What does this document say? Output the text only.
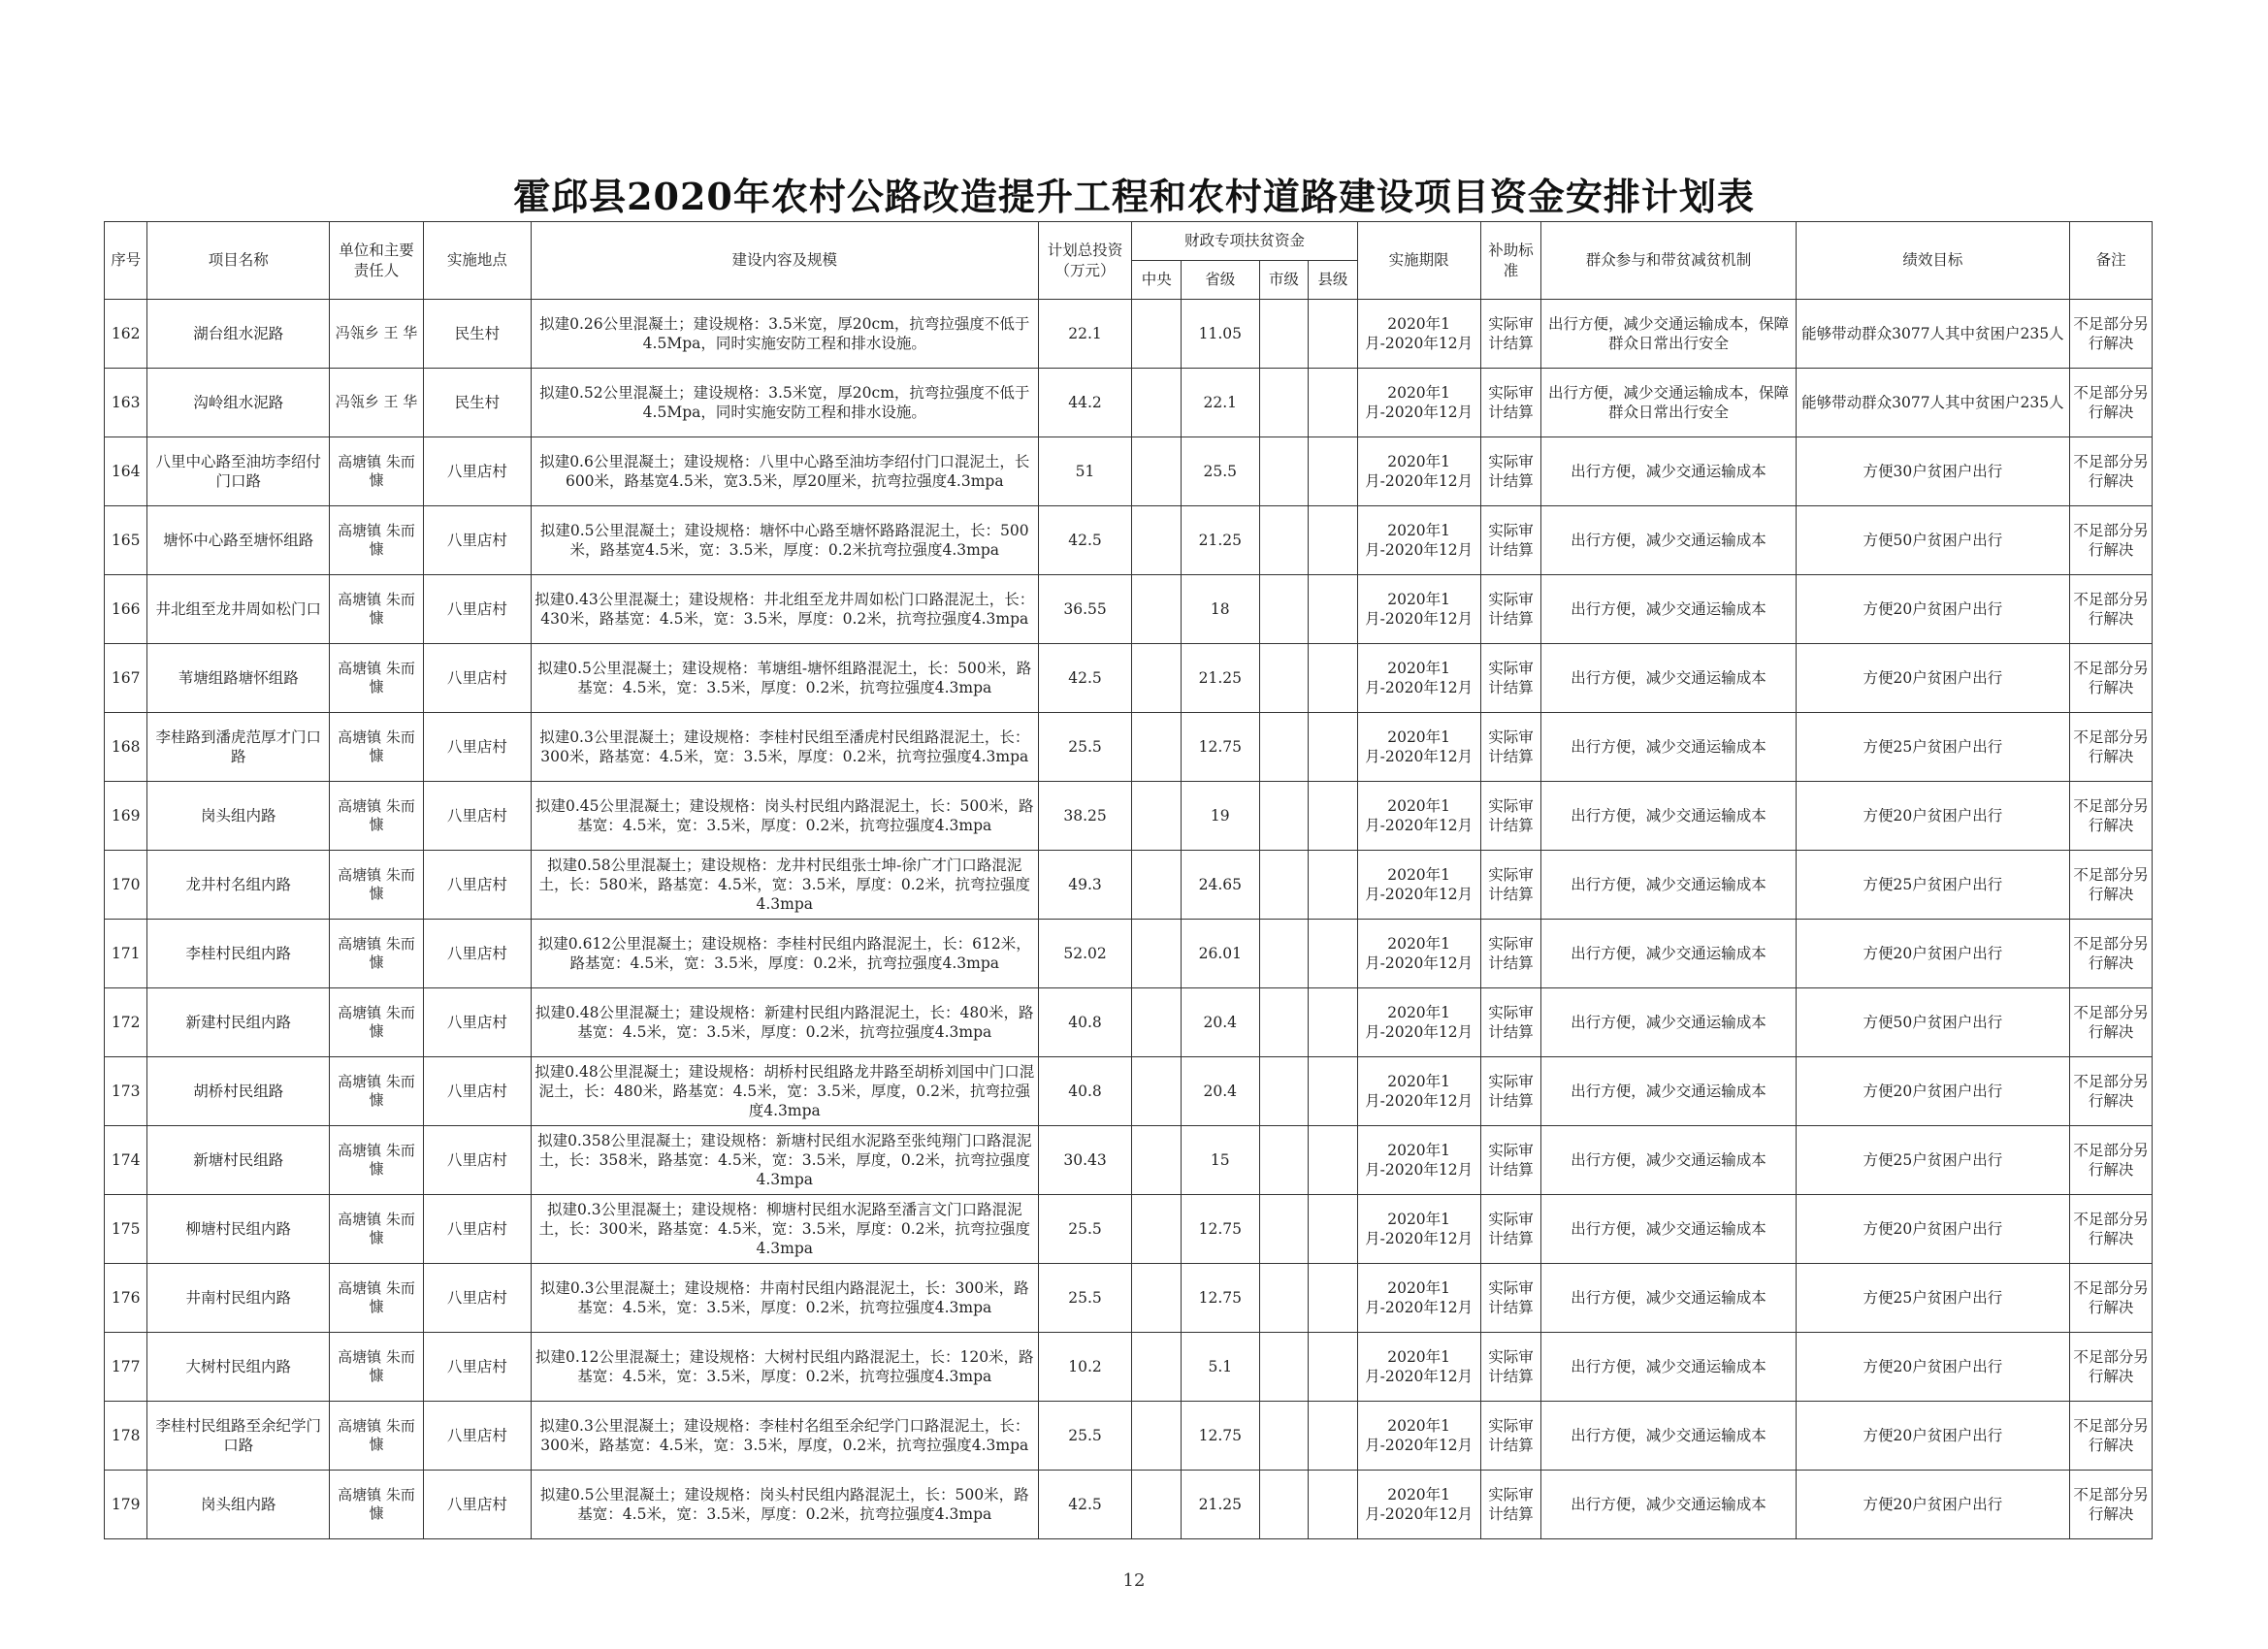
霍邱县2020年农村公路改造提升工程和农村道路建设项目资金安排计划表
序号	项目名称	单位和主要责任人	实施地点	建设内容及规模	计划总投资（万元）	财政专项扶贫资金				实施期限	补助标准	群众参与和带贫减贫机制	绩效目标	备注
						中央	省级	市级	县级					
162	湖台组水泥路	冯瓴乡 王 华	民生村	拟建0.26公里混凝土；建设规格：3.5米宽，厚20cm，抗弯拉强度不低于4.5Mpa，同时实施安防工程和排水设施。	22.1		11.05			2020年1月-2020年12月	实际审计结算	出行方便，减少交通运输成本，保障群众日常出行安全	能够带动群众3077人其中贫困户235人	不足部分另行解决
163	沟岭组水泥路	冯瓴乡 王 华	民生村	拟建0.52公里混凝土；建设规格：3.5米宽，厚20cm，抗弯拉强度不低于4.5Mpa，同时实施安防工程和排水设施。	44.2		22.1			2020年1月-2020年12月	实际审计结算	出行方便，减少交通运输成本，保障群众日常出行安全	能够带动群众3077人其中贫困户235人	不足部分另行解决
164	八里中心路至油坊李绍付门口路	高塘镇 朱而慷	八里店村	拟建0.6公里混凝土；建设规格：八里中心路至油坊李绍付门口混泥土，长600米，路基宽4.5米，宽3.5米，厚20厘米，抗弯拉强度4.3mpa	51		25.5			2020年1月-2020年12月	实际审计结算	出行方便，减少交通运输成本	方便30户贫困户出行	不足部分另行解决
165	塘怀中心路至塘怀组路	高塘镇 朱而慷	八里店村	拟建0.5公里混凝土；建设规格：塘怀中心路至塘怀路路混泥土，长：500米，路基宽4.5米，宽：3.5米，厚度：0.2米抗弯拉强度4.3mpa	42.5		21.25			2020年1月-2020年12月	实际审计结算	出行方便，减少交通运输成本	方便50户贫困户出行	不足部分另行解决
166	井北组至龙井周如松门口	高塘镇 朱而慷	八里店村	拟建0.43公里混凝土；建设规格：井北组至龙井周如松门口路混泥土，长：430米，路基宽：4.5米，宽：3.5米，厚度：0.2米，抗弯拉强度4.3mpa	36.55		18			2020年1月-2020年12月	实际审计结算	出行方便，减少交通运输成本	方便20户贫困户出行	不足部分另行解决
167	苇塘组路塘怀组路	高塘镇 朱而慷	八里店村	拟建0.5公里混凝土；建设规格：苇塘组-塘怀组路混泥土，长：500米，路基宽：4.5米，宽：3.5米，厚度：0.2米，抗弯拉强度4.3mpa	42.5		21.25			2020年1月-2020年12月	实际审计结算	出行方便，减少交通运输成本	方便20户贫困户出行	不足部分另行解决
168	李桂路到潘虎范厚才门口路	高塘镇 朱而慷	八里店村	拟建0.3公里混凝土；建设规格：李桂村民组至潘虎村民组路混泥土，长：300米，路基宽：4.5米，宽：3.5米，厚度：0.2米，抗弯拉强度4.3mpa	25.5		12.75			2020年1月-2020年12月	实际审计结算	出行方便，减少交通运输成本	方便25户贫困户出行	不足部分另行解决
169	岗头组内路	高塘镇 朱而慷	八里店村	拟建0.45公里混凝土；建设规格：岗头村民组内路混泥土，长：500米，路基宽：4.5米，宽：3.5米，厚度：0.2米，抗弯拉强度4.3mpa	38.25		19			2020年1月-2020年12月	实际审计结算	出行方便，减少交通运输成本	方便20户贫困户出行	不足部分另行解决
170	龙井村名组内路	高塘镇 朱而慷	八里店村	拟建0.58公里混凝土；建设规格：龙井村民组张士坤-徐广才门口路混泥土，长：580米，路基宽：4.5米，宽：3.5米，厚度：0.2米，抗弯拉强度4.3mpa	49.3		24.65			2020年1月-2020年12月	实际审计结算	出行方便，减少交通运输成本	方便25户贫困户出行	不足部分另行解决
171	李桂村民组内路	高塘镇 朱而慷	八里店村	拟建0.612公里混凝土；建设规格：李桂村民组内路混泥土，长：612米，路基宽：4.5米，宽：3.5米，厚度：0.2米，抗弯拉强度4.3mpa	52.02		26.01			2020年1月-2020年12月	实际审计结算	出行方便，减少交通运输成本	方便20户贫困户出行	不足部分另行解决
172	新建村民组内路	高塘镇 朱而慷	八里店村	拟建0.48公里混凝土；建设规格：新建村民组内路混泥土，长：480米，路基宽：4.5米，宽：3.5米，厚度：0.2米，抗弯拉强度4.3mpa	40.8		20.4			2020年1月-2020年12月	实际审计结算	出行方便，减少交通运输成本	方便50户贫困户出行	不足部分另行解决
173	胡桥村民组路	高塘镇 朱而慷	八里店村	拟建0.48公里混凝土；建设规格：胡桥村民组路龙井路至胡桥刘国中门口混泥土，长：480米，路基宽：4.5米，宽：3.5米，厚度，0.2米，抗弯拉强度4.3mpa	40.8		20.4			2020年1月-2020年12月	实际审计结算	出行方便，减少交通运输成本	方便20户贫困户出行	不足部分另行解决
174	新塘村民组路	高塘镇 朱而慷	八里店村	拟建0.358公里混凝土；建设规格：新塘村民组水泥路至张纯翔门口路混泥土，长：358米，路基宽：4.5米，宽：3.5米，厚度，0.2米，抗弯拉强度4.3mpa	30.43		15			2020年1月-2020年12月	实际审计结算	出行方便，减少交通运输成本	方便25户贫困户出行	不足部分另行解决
175	柳塘村民组内路	高塘镇 朱而慷	八里店村	拟建0.3公里混凝土；建设规格：柳塘村民组水泥路至潘言文门口路混泥土，长：300米，路基宽：4.5米，宽：3.5米，厚度：0.2米，抗弯拉强度4.3mpa	25.5		12.75			2020年1月-2020年12月	实际审计结算	出行方便，减少交通运输成本	方便20户贫困户出行	不足部分另行解决
176	井南村民组内路	高塘镇 朱而慷	八里店村	拟建0.3公里混凝土；建设规格：井南村民组内路混泥土，长：300米，路基宽：4.5米，宽：3.5米，厚度：0.2米，抗弯拉强度4.3mpa	25.5		12.75			2020年1月-2020年12月	实际审计结算	出行方便，减少交通运输成本	方便25户贫困户出行	不足部分另行解决
177	大树村民组内路	高塘镇 朱而慷	八里店村	拟建0.12公里混凝土；建设规格：大树村民组内路混泥土，长：120米，路基宽：4.5米，宽：3.5米，厚度：0.2米，抗弯拉强度4.3mpa	10.2		5.1			2020年1月-2020年12月	实际审计结算	出行方便，减少交通运输成本	方便20户贫困户出行	不足部分另行解决
178	李桂村民组路至余纪学门口路	高塘镇 朱而慷	八里店村	拟建0.3公里混凝土；建设规格：李桂村名组至余纪学门口路混泥土，长：300米，路基宽：4.5米，宽：3.5米，厚度，0.2米，抗弯拉强度4.3mpa	25.5		12.75			2020年1月-2020年12月	实际审计结算	出行方便，减少交通运输成本	方便20户贫困户出行	不足部分另行解决
179	岗头组内路	高塘镇 朱而慷	八里店村	拟建0.5公里混凝土；建设规格：岗头村民组内路混泥土，长：500米，路基宽：4.5米，宽：3.5米，厚度：0.2米，抗弯拉强度4.3mpa	42.5		21.25			2020年1月-2020年12月	实际审计结算	出行方便，减少交通运输成本	方便20户贫困户出行	不足部分另行解决
12
